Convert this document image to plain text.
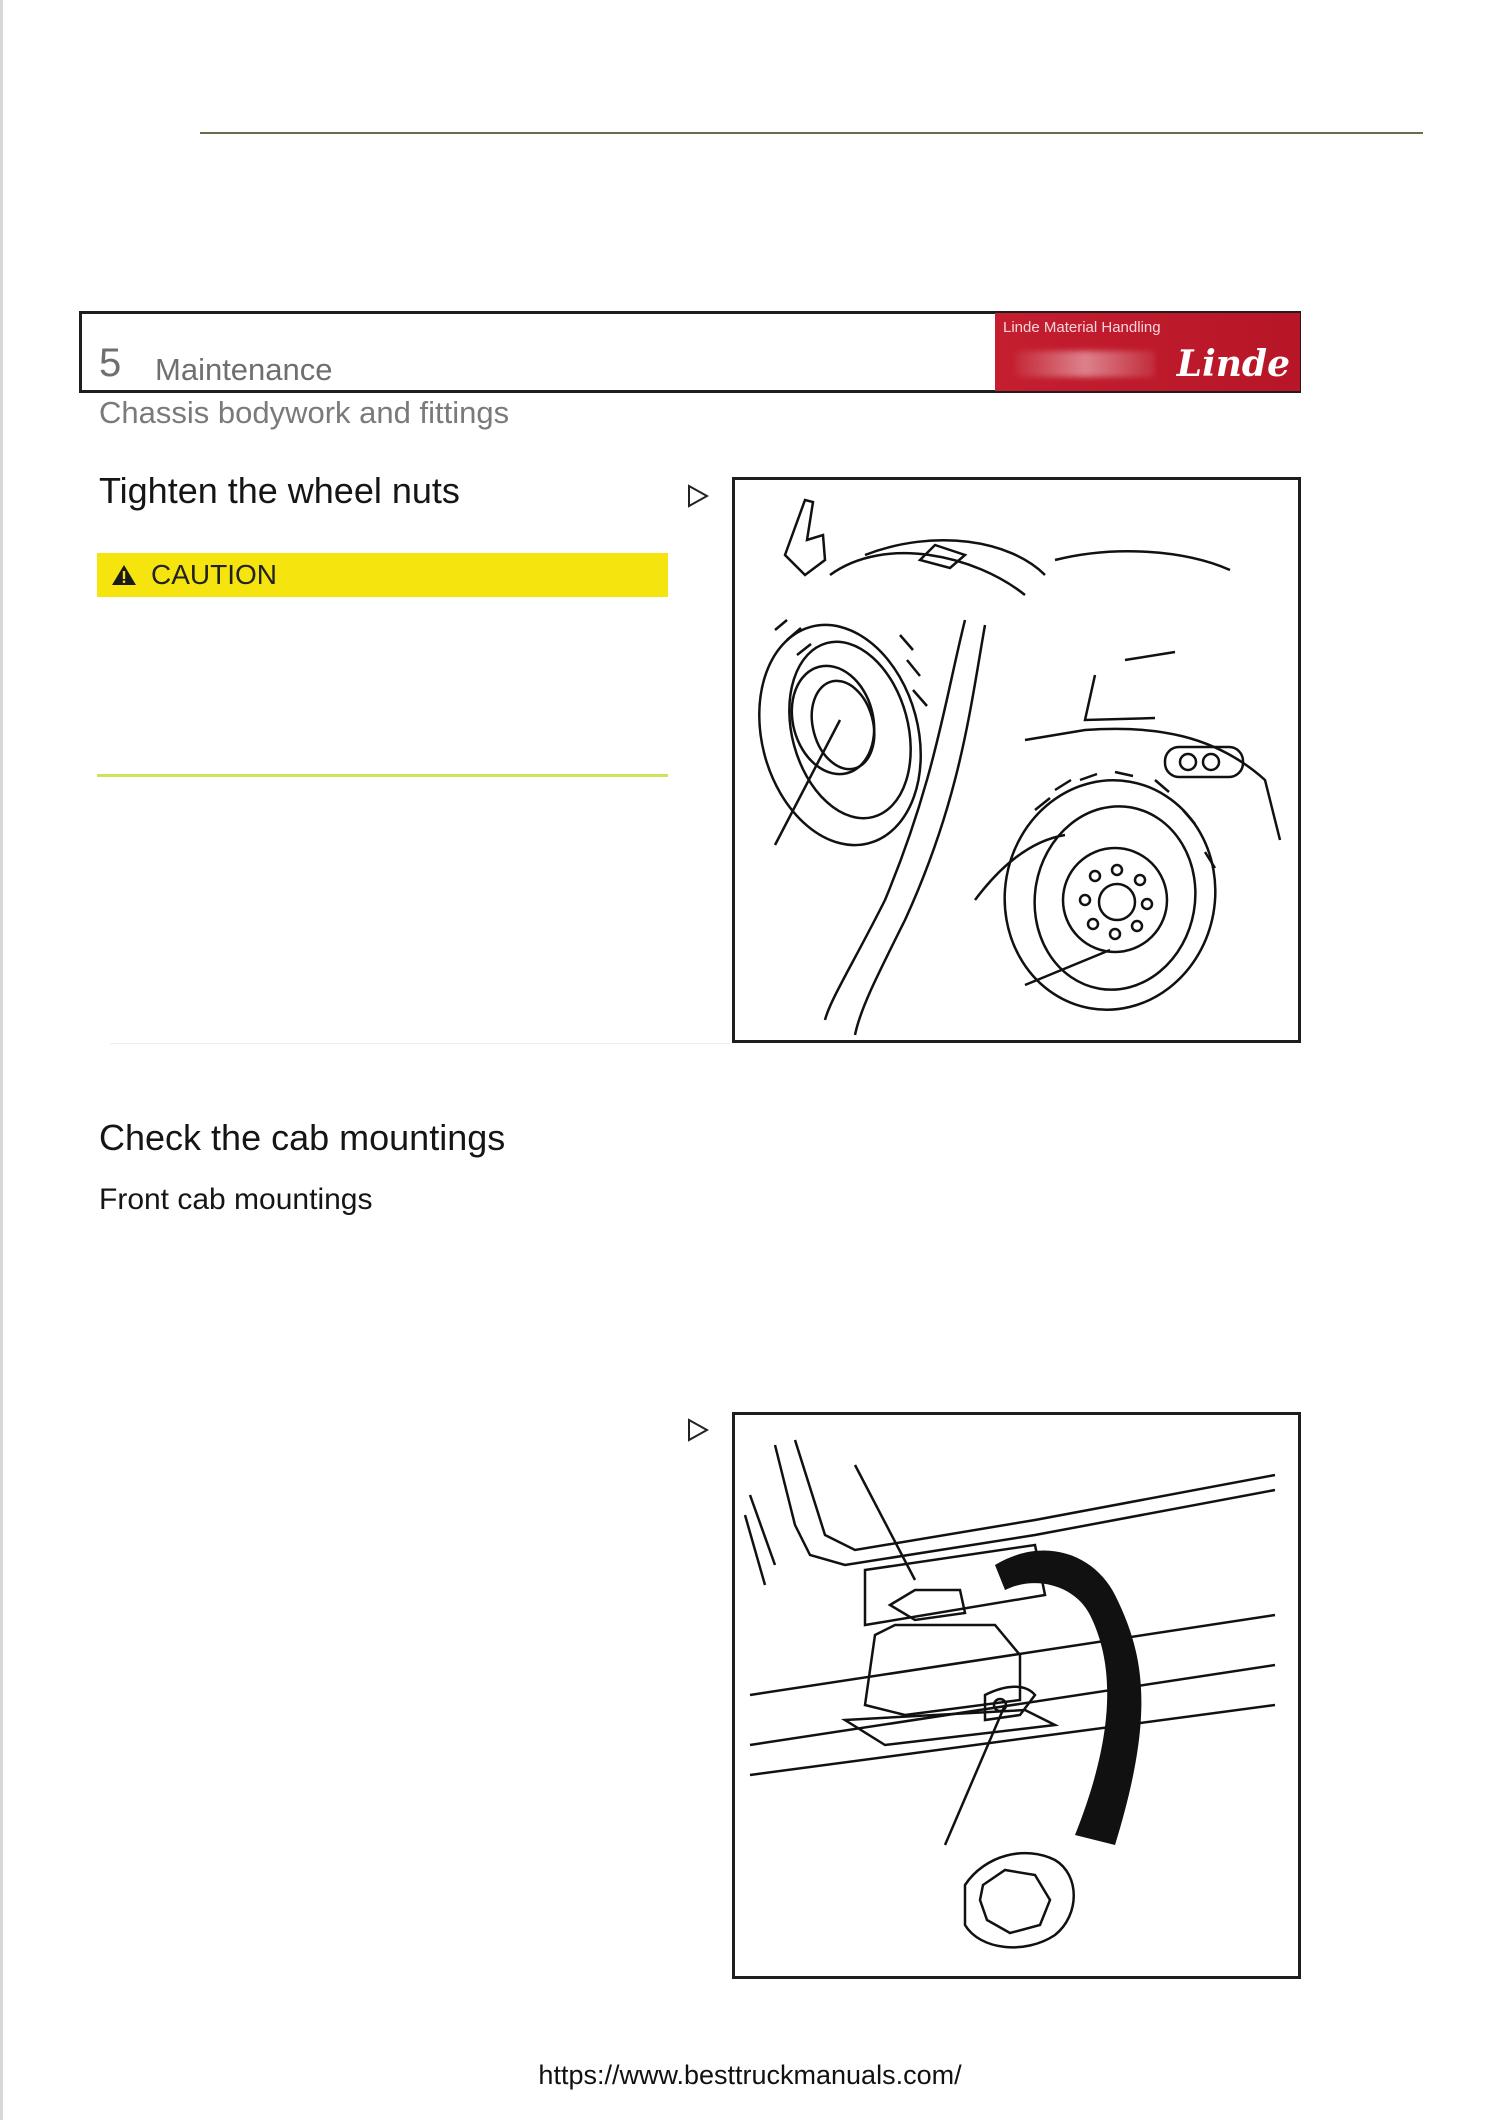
5 Maintenance
Linde Material Handling
Linde
Chassis bodywork and fittings
Tighten the wheel nuts
CAUTION
Check the cab mountings
Front cab mountings
https://www.besttruckmanuals.com/
